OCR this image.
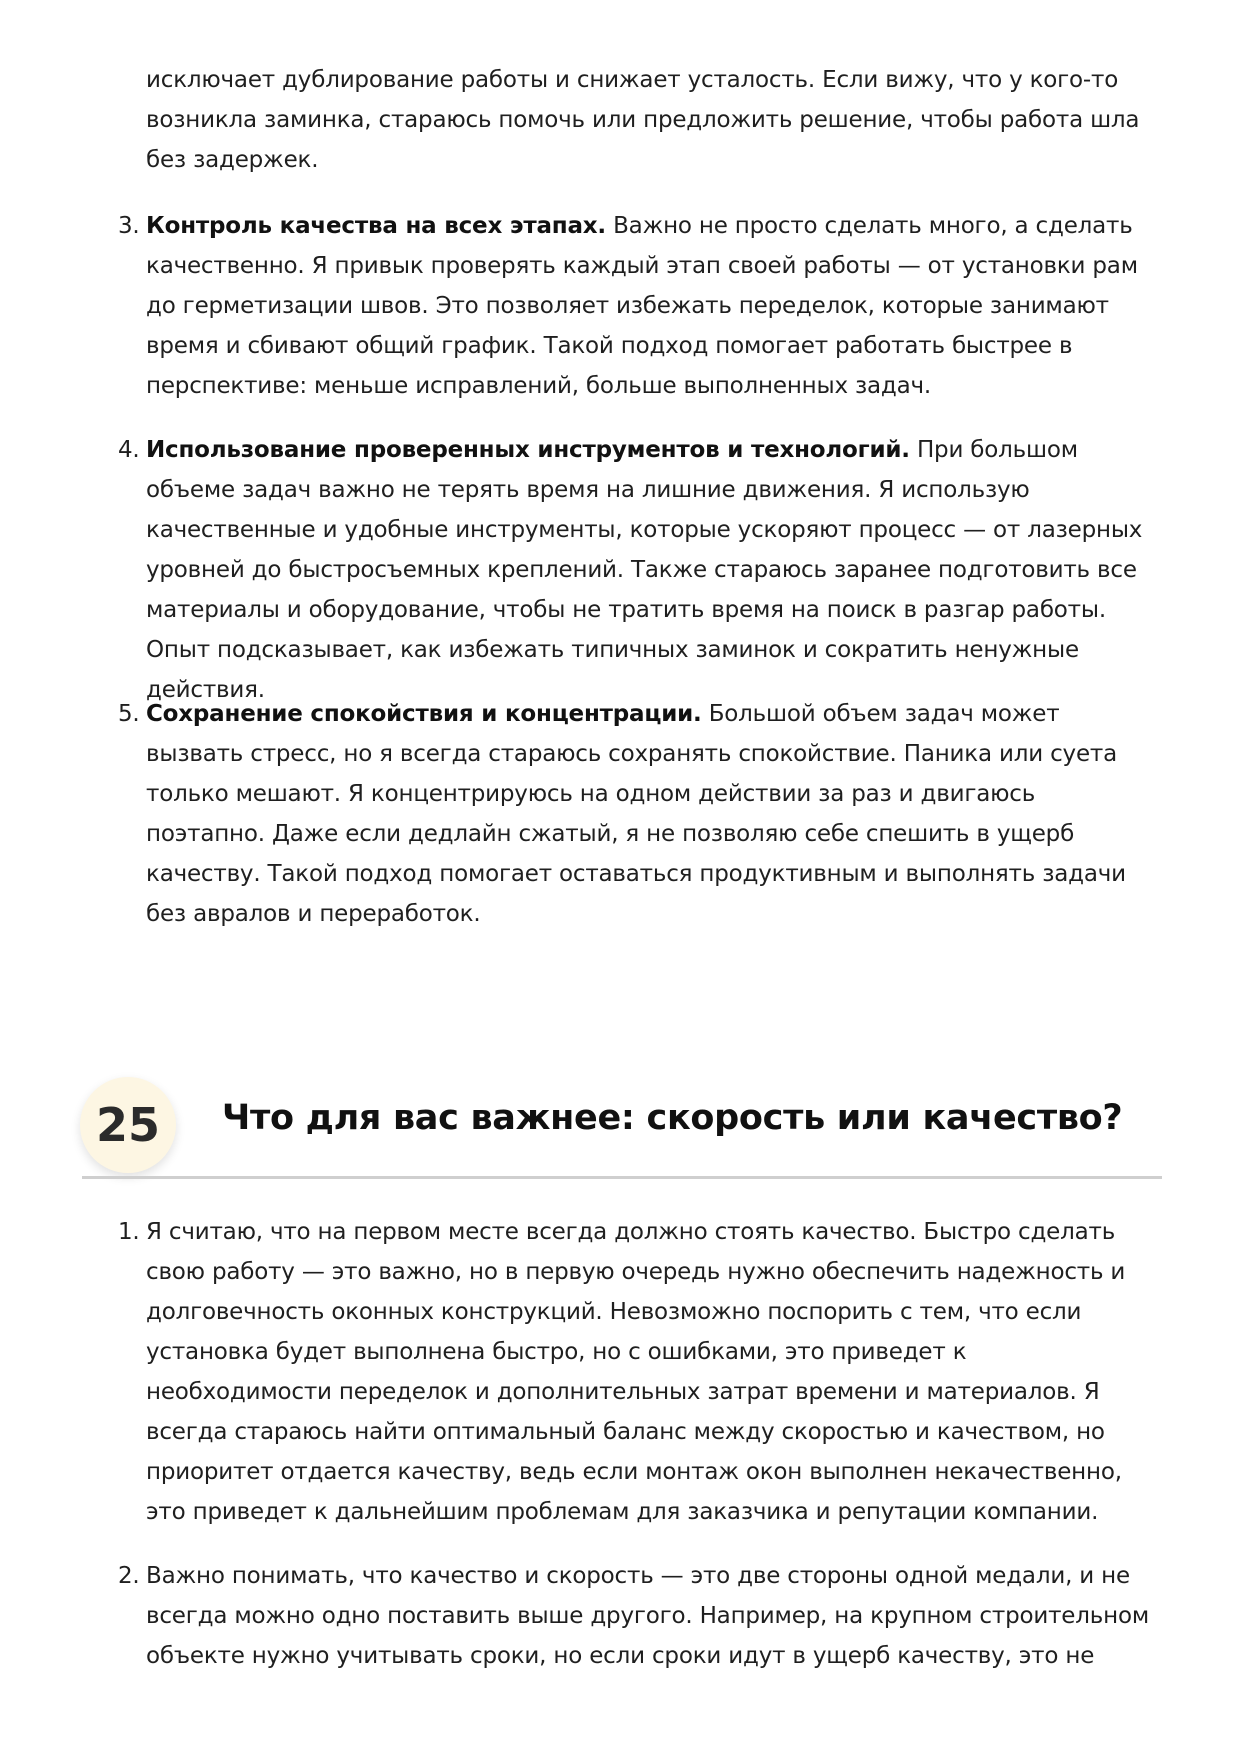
исключает дублирование работы и снижает усталость. Если вижу, что у кого-то возникла заминка, стараюсь помочь или предложить решение, чтобы работа шла без задержек.

3. Контроль качества на всех этапах. Важно не просто сделать много, а сделать качественно. Я привык проверять каждый этап своей работы — от установки рам до герметизации швов. Это позволяет избежать переделок, которые занимают время и сбивают общий график. Такой подход помогает работать быстрее в перспективе: меньше исправлений, больше выполненных задач.
4. Использование проверенных инструментов и технологий. При большом объеме задач важно не терять время на лишние движения. Я использую качественные и удобные инструменты, которые ускоряют процесс — от лазерных уровней до быстросъемных креплений. Также стараюсь заранее подготовить все материалы и оборудование, чтобы не тратить время на поиск в разгар работы. Опыт подсказывает, как избежать типичных заминок и сократить ненужные действия.
5. Сохранение спокойствия и концентрации. Большой объем задач может вызвать стресс, но я всегда стараюсь сохранять спокойствие. Паника или суета только мешают. Я концентрируюсь на одном действии за раз и двигаюсь поэтапно. Даже если дедлайн сжатый, я не позволяю себе спешить в ущерб качеству. Такой подход помогает оставаться продуктивным и выполнять задачи без авралов и переработок.
25	Что для вас важнее: скорость или качество?
1. Я считаю, что на первом месте всегда должно стоять качество. Быстро сделать свою работу — это важно, но в первую очередь нужно обеспечить надежность и долговечность оконных конструкций. Невозможно поспорить с тем, что если установка будет выполнена быстро, но с ошибками, это приведет к необходимости переделок и дополнительных затрат времени и материалов. Я всегда стараюсь найти оптимальный баланс между скоростью и качеством, но приоритет отдается качеству, ведь если монтаж окон выполнен некачественно, это приведет к дальнейшим проблемам для заказчика и репутации компании.
2. Важно понимать, что качество и скорость — это две стороны одной медали, и не всегда можно одно поставить выше другого. Например, на крупном строительном объекте нужно учитывать сроки, но если сроки идут в ущерб качеству, это не
